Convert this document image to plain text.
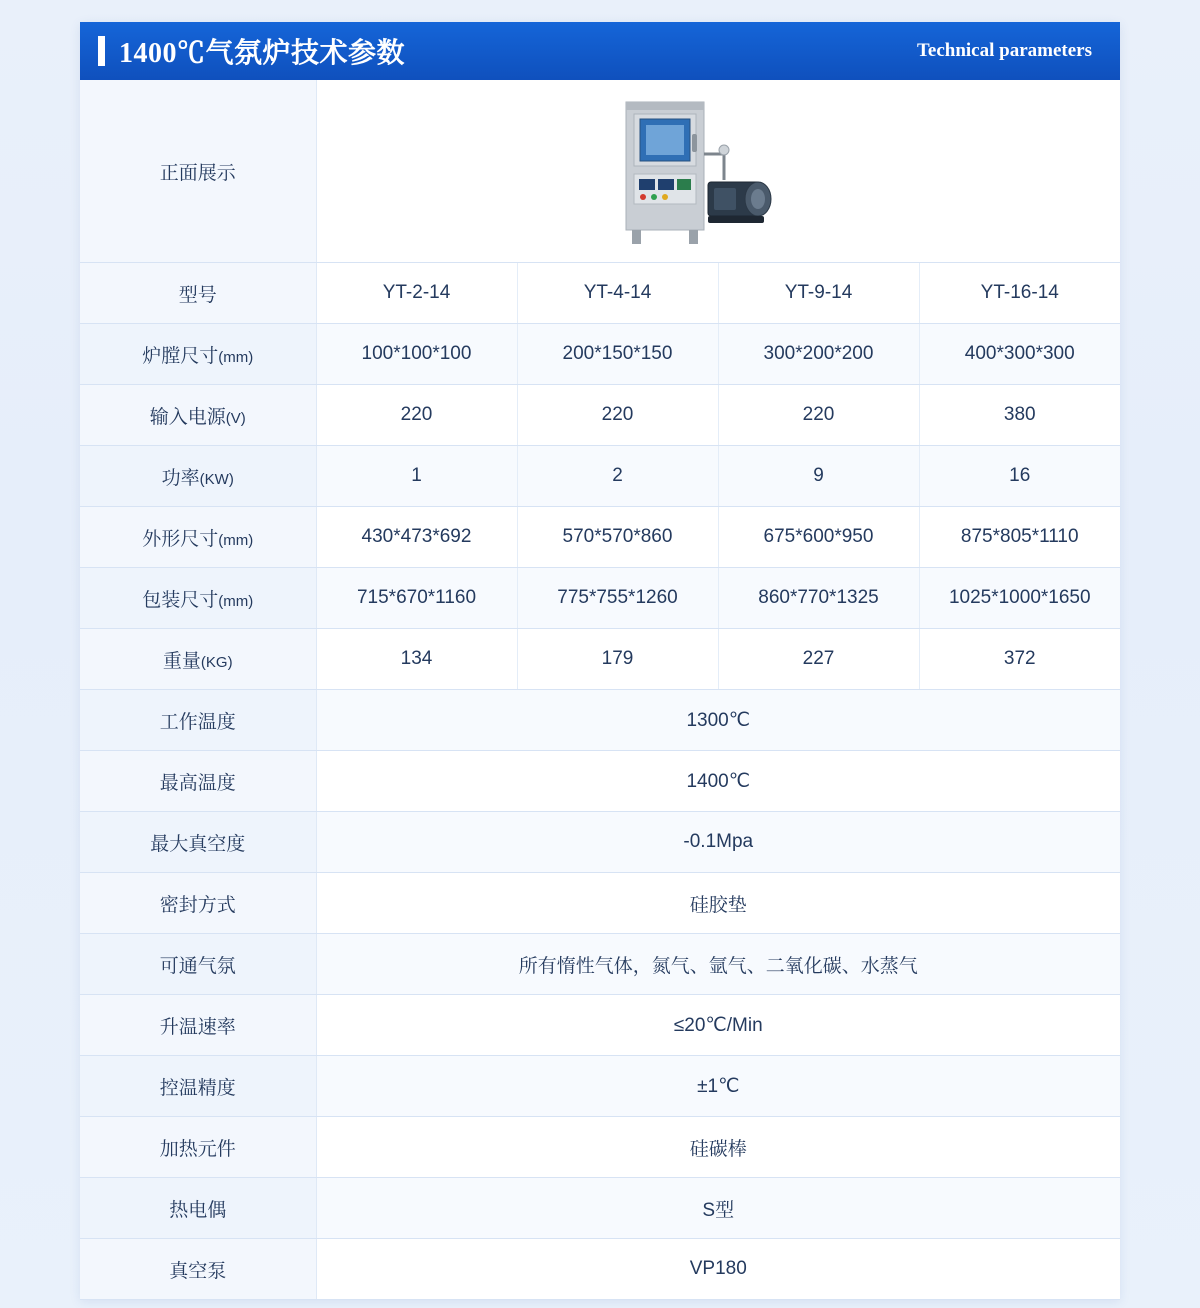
1400℃气氛炉技术参数	Technical parameters
正面展示	

型号	YT-2-14	YT-4-14	YT-9-14	YT-16-14
炉膛尺寸(mm)	100*100*100	200*150*150	300*200*200	400*300*300
输入电源(V)	220	220	220	380
功率(KW)	1	2	9	16
外形尺寸(mm)	430*473*692	570*570*860	675*600*950	875*805*1110
包装尺寸(mm)	715*670*1160	775*755*1260	860*770*1325	1025*1000*1650
重量(KG)	134	179	227	372
工作温度	1300℃			
最高温度	1400℃			
最大真空度	-0.1Mpa			
密封方式	硅胶垫			
可通气氛	所有惰性气体，氮气、氩气、二氧化碳、水蒸气			
升温速率	≤20℃/Min			
控温精度	±1℃			
加热元件	硅碳棒			
热电偶	S型			
真空泵	VP180			
